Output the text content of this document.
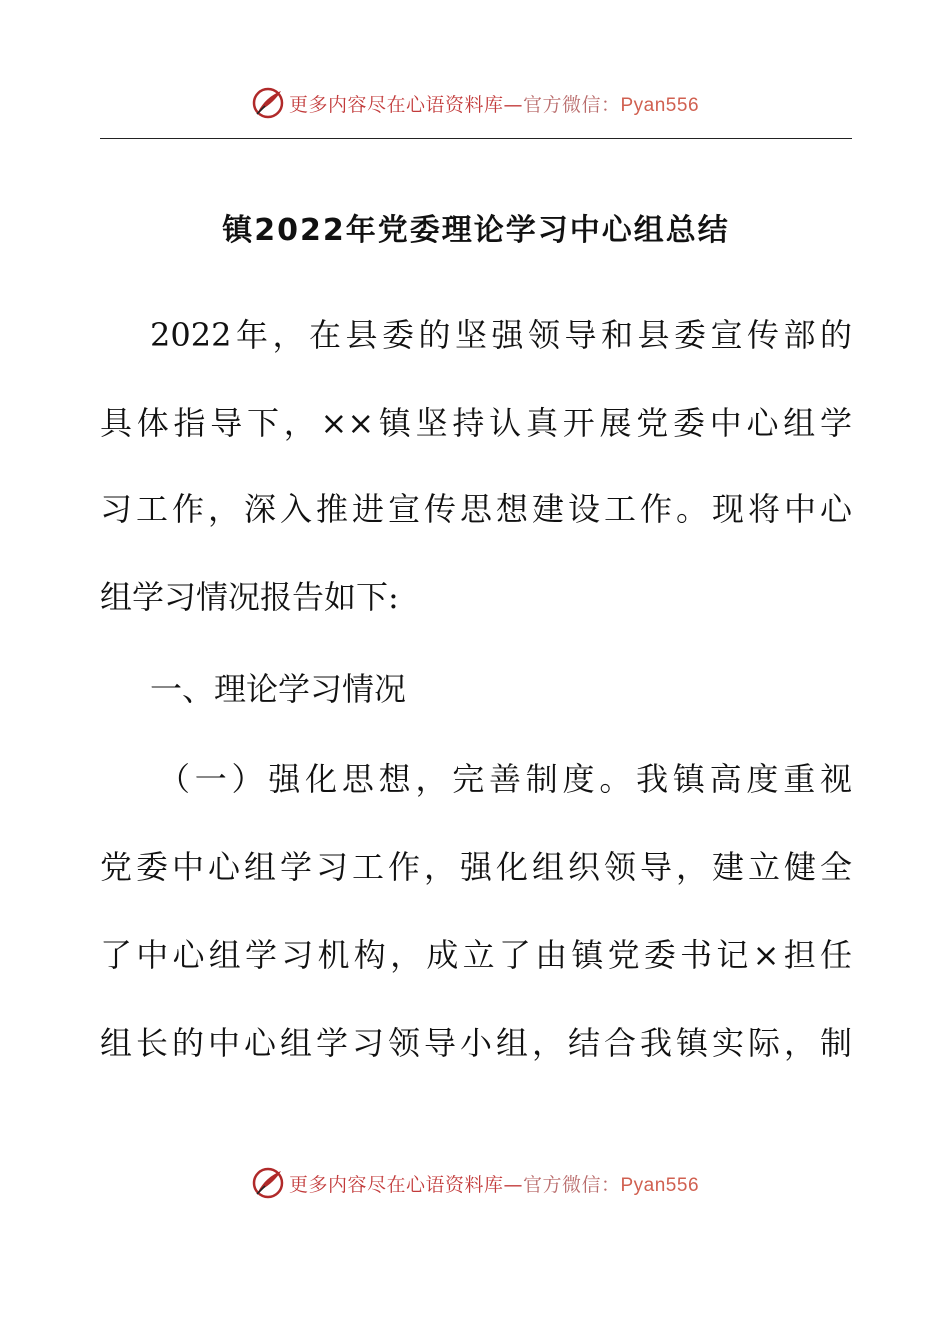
更多内容尽在心语资料库—官方微信：Pyan556
镇2022年党委理论学习中心组总结
2022年，在县委的坚强领导和县委宣传部的
具体指导下，××镇坚持认真开展党委中心组学
习工作，深入推进宣传思想建设工作。现将中心
组学习情况报告如下:
一、理论学习情况
（一）强化思想，完善制度。我镇高度重视
党委中心组学习工作，强化组织领导，建立健全
了中心组学习机构，成立了由镇党委书记×担任
组长的中心组学习领导小组，结合我镇实际，制
更多内容尽在心语资料库—官方微信：Pyan556
